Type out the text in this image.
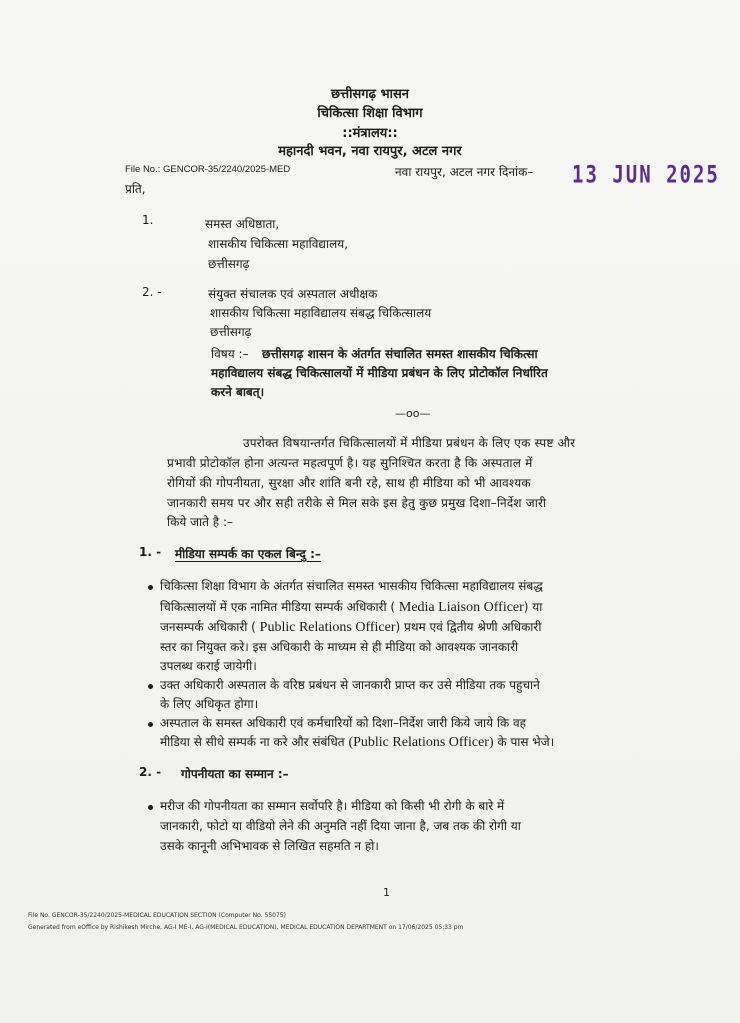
छत्तीसगढ़ भासन
चिकित्सा शिक्षा विभाग
::मंत्रालय::
महानदी भवन, नवा रायपुर, अटल नगर
File No.: GENCOR-35/2240/2025-MED	नवा रायपुर, अटल नगर दिनांक– 13 JUN 2025
प्रति,
1.	समस्त अधिष्ठाता,
शासकीय चिकित्सा महाविद्यालय,
छत्तीसगढ़
2. -	संयुक्त संचालक एवं अस्पताल अधीक्षक
शासकीय चिकित्सा महाविद्यालय संबद्ध चिकित्सालय
छत्तीसगढ़
विषय :– छत्तीसगढ़ शासन के अंतर्गत संचालित समस्त शासकीय चिकित्सा
महाविद्यालय संबद्ध चिकित्सालयों में मीडिया प्रबंधन के लिए प्रोटोकॉल निर्धारित
करने बाबत्।
—oo—
उपरोक्त विषयान्तर्गत चिकित्सालयों में मीडिया प्रबंधन के लिए एक स्पष्ट और
प्रभावी प्रोटोकॉल होना अत्यन्त महत्वपूर्ण है। यह सुनिश्चित करता है कि अस्पताल में
रोगियों की गोपनीयता, सुरक्षा और शांति बनी रहे, साथ ही मीडिया को भी आवश्यक
जानकारी समय पर और सही तरीके से मिल सके इस हेतु कुछ प्रमुख दिशा–निर्देश जारी
किये जाते है :–
1. - मीडिया सम्पर्क का एकल बिन्दु :–
चिकित्सा शिक्षा विभाग के अंतर्गत संचालित समस्त भासकीय चिकित्सा महाविद्यालय संबद्ध
चिकित्सालयों में एक नामित मीडिया सम्पर्क अधिकारी ( Media Liaison Officer) या
जनसम्पर्क अधिकारी ( Public Relations Officer) प्रथम एवं द्वितीय श्रेणी अधिकारी
स्तर का नियुक्त करे। इस अधिकारी के माध्यम से ही मीडिया को आवश्यक जानकारी
उपलब्ध कराई जायेगी।
उक्त अधिकारी अस्पताल के वरिष्ठ प्रबंधन से जानकारी प्राप्त कर उसे मीडिया तक पहुचाने
के लिए अधिकृत होगा।
अस्पताल के समस्त अधिकारी एवं कर्मचारियों को दिशा–निर्देश जारी किये जाये कि वह
मीडिया से सीधे सम्पर्क ना करे और संबंधित (Public Relations Officer) के पास भेजे।
2. - गोपनीयता का सम्मान :–
मरीज की गोपनीयता का सम्मान सर्वोपरि है। मीडिया को किसी भी रोगी के बारे में
जानकारी, फोटो या वीडियो लेने की अनुमति नहीं दिया जाना है, जब तक की रोगी या
उसके कानूनी अभिभावक से लिखित सहमति न हो।
1
File No. GENCOR-35/2240/2025-MEDICAL EDUCATION SECTION (Computer No. 55075)
Generated from eOffice by Rishikesh Mirche, AG-I ME-I, AG-I(MEDICAL EDUCATION), MEDICAL EDUCATION DEPARTMENT on 17/06/2025 05:33 pm
